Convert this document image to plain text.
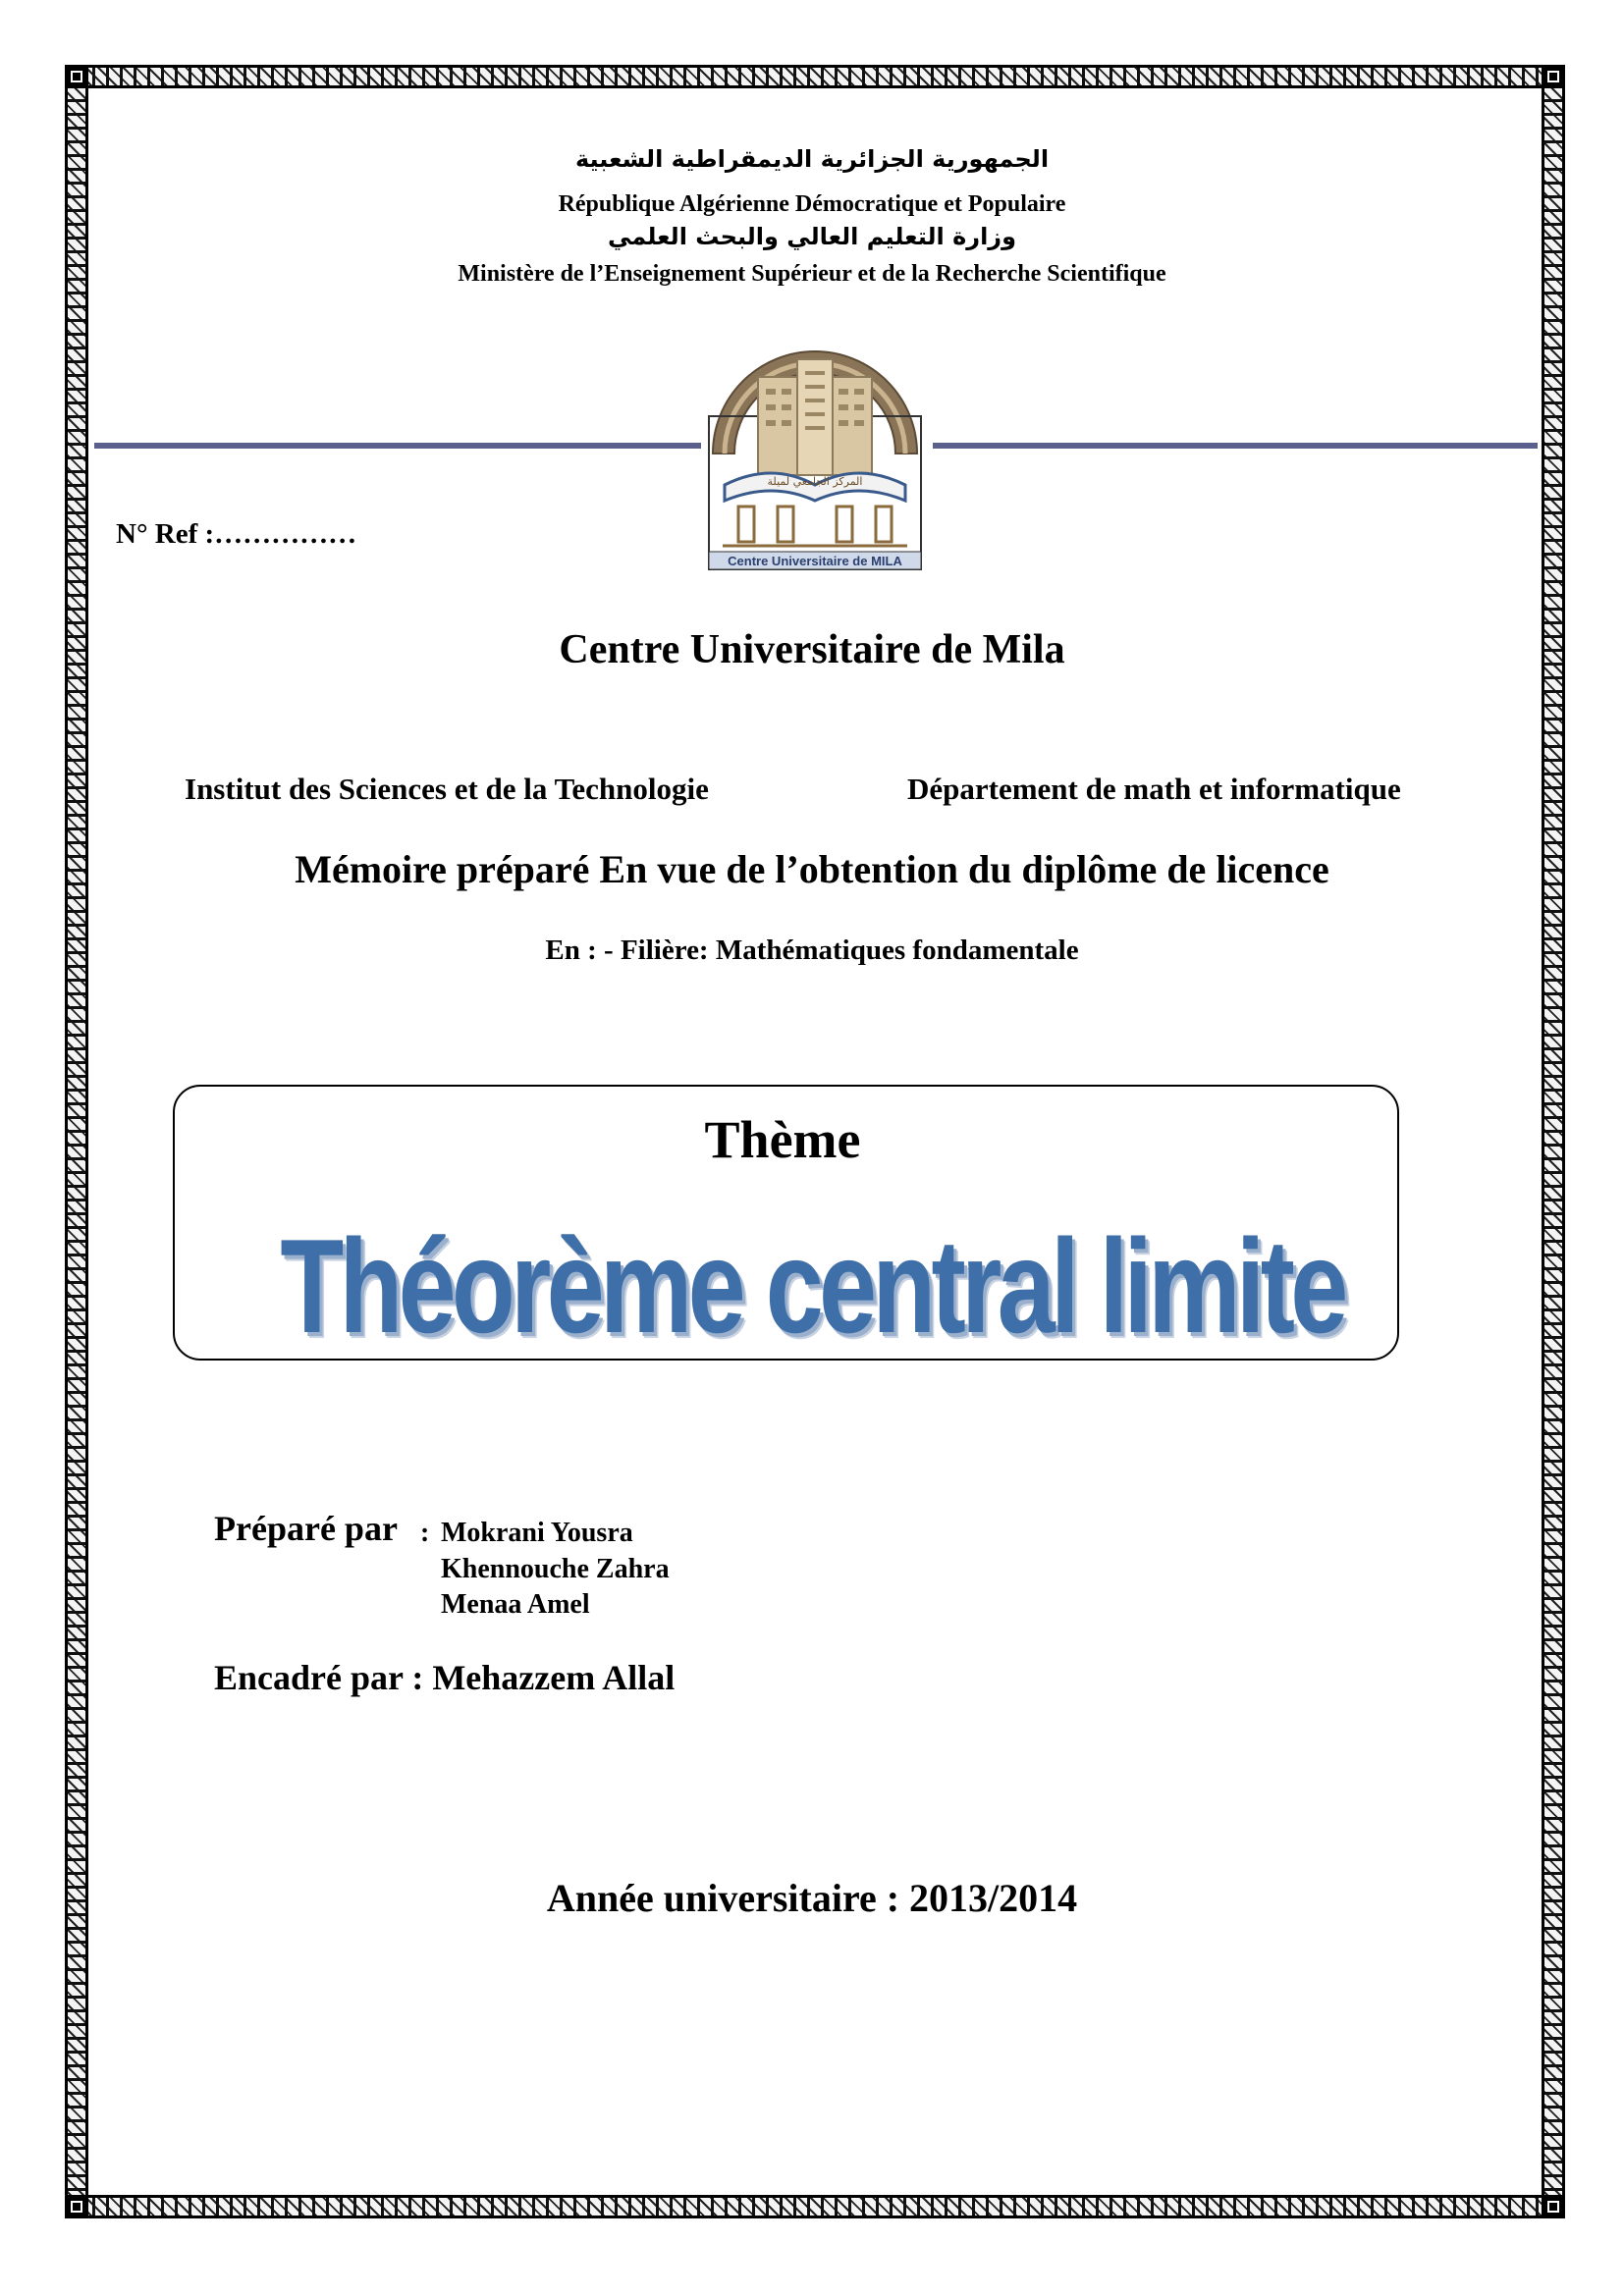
الجمهورية الجزائرية الديمقراطية الشعبية
République Algérienne Démocratique et Populaire
وزارة التعليم العالي والبحث العلمي
Ministère de l’Enseignement Supérieur et de la Recherche Scientifique
المركز الجامعي لميلة
Centre Universitaire de MILA
N° Ref :……………
Centre Universitaire de Mila
Institut des Sciences et de la Technologie	Département de math et informatique
Mémoire préparé En vue de l’obtention du diplôme de licence
En : - Filière: Mathématiques fondamentale
Thème
Théorème central limite
Préparé par : Mokrani Yousra
Khennouche Zahra
Menaa Amel
Encadré par : Mehazzem Allal
Année universitaire : 2013/2014
